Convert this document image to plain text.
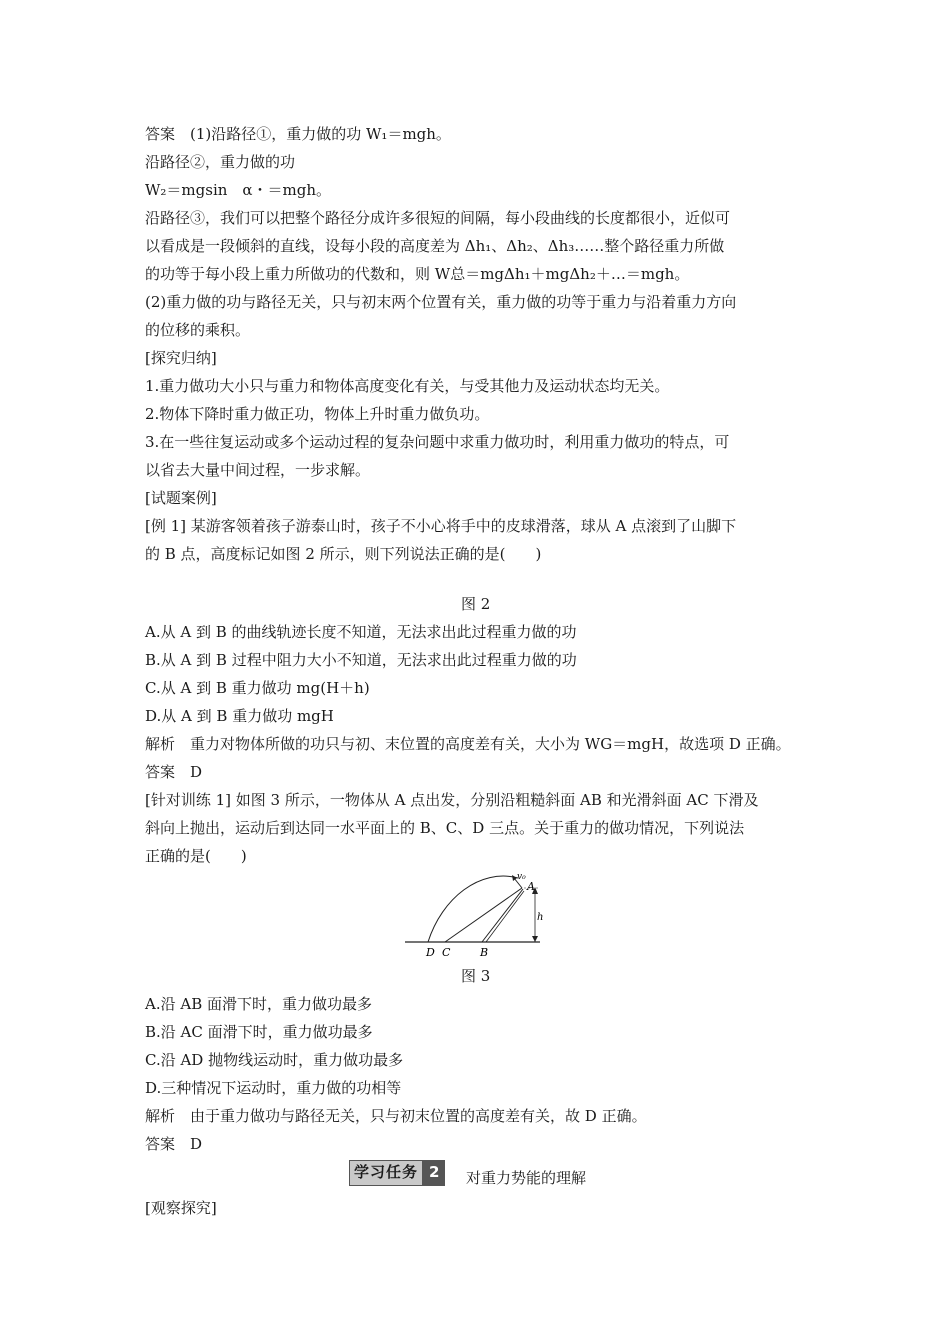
答案　(1)沿路径①，重力做的功 W₁＝mgh。
沿路径②，重力做的功
W₂＝mgsin　α・＝mgh。
沿路径③，我们可以把整个路径分成许多很短的间隔，每小段曲线的长度都很小，近似可
以看成是一段倾斜的直线，设每小段的高度差为 Δh₁、Δh₂、Δh₃……整个路径重力所做
的功等于每小段上重力所做功的代数和，则 W总＝mgΔh₁＋mgΔh₂＋…＝mgh。
(2)重力做的功与路径无关，只与初末两个位置有关，重力做的功等于重力与沿着重力方向
的位移的乘积。
[探究归纳]
1.重力做功大小只与重力和物体高度变化有关，与受其他力及运动状态均无关。
2.物体下降时重力做正功，物体上升时重力做负功。
3.在一些往复运动或多个运动过程的复杂问题中求重力做功时，利用重力做功的特点，可
以省去大量中间过程，一步求解。
[试题案例]
[例 1] 某游客领着孩子游泰山时，孩子不小心将手中的皮球滑落，球从 A 点滚到了山脚下
的 B 点，高度标记如图 2 所示，则下列说法正确的是(　　)
图 2
A.从 A 到 B 的曲线轨迹长度不知道，无法求出此过程重力做的功
B.从 A 到 B 过程中阻力大小不知道，无法求出此过程重力做的功
C.从 A 到 B 重力做功 mg(H＋h)
D.从 A 到 B 重力做功 mgH
解析　重力对物体所做的功只与初、末位置的高度差有关，大小为 WG＝mgH，故选项 D 正确。
答案　D
[针对训练 1] 如图 3 所示，一物体从 A 点出发，分别沿粗糙斜面 AB 和光滑斜面 AC 下滑及
斜向上抛出，运动后到达同一水平面上的 B、C、D 三点。关于重力的做功情况，下列说法
正确的是(　　)
v₀
A
h
D C	B
图 3
A.沿 AB 面滑下时，重力做功最多
B.沿 AC 面滑下时，重力做功最多
C.沿 AD 抛物线运动时，重力做功最多
D.三种情况下运动时，重力做的功相等
解析　由于重力做功与路径无关，只与初末位置的高度差有关，故 D 正确。
答案　D
学习任务 2	对重力势能的理解
[观察探究]
